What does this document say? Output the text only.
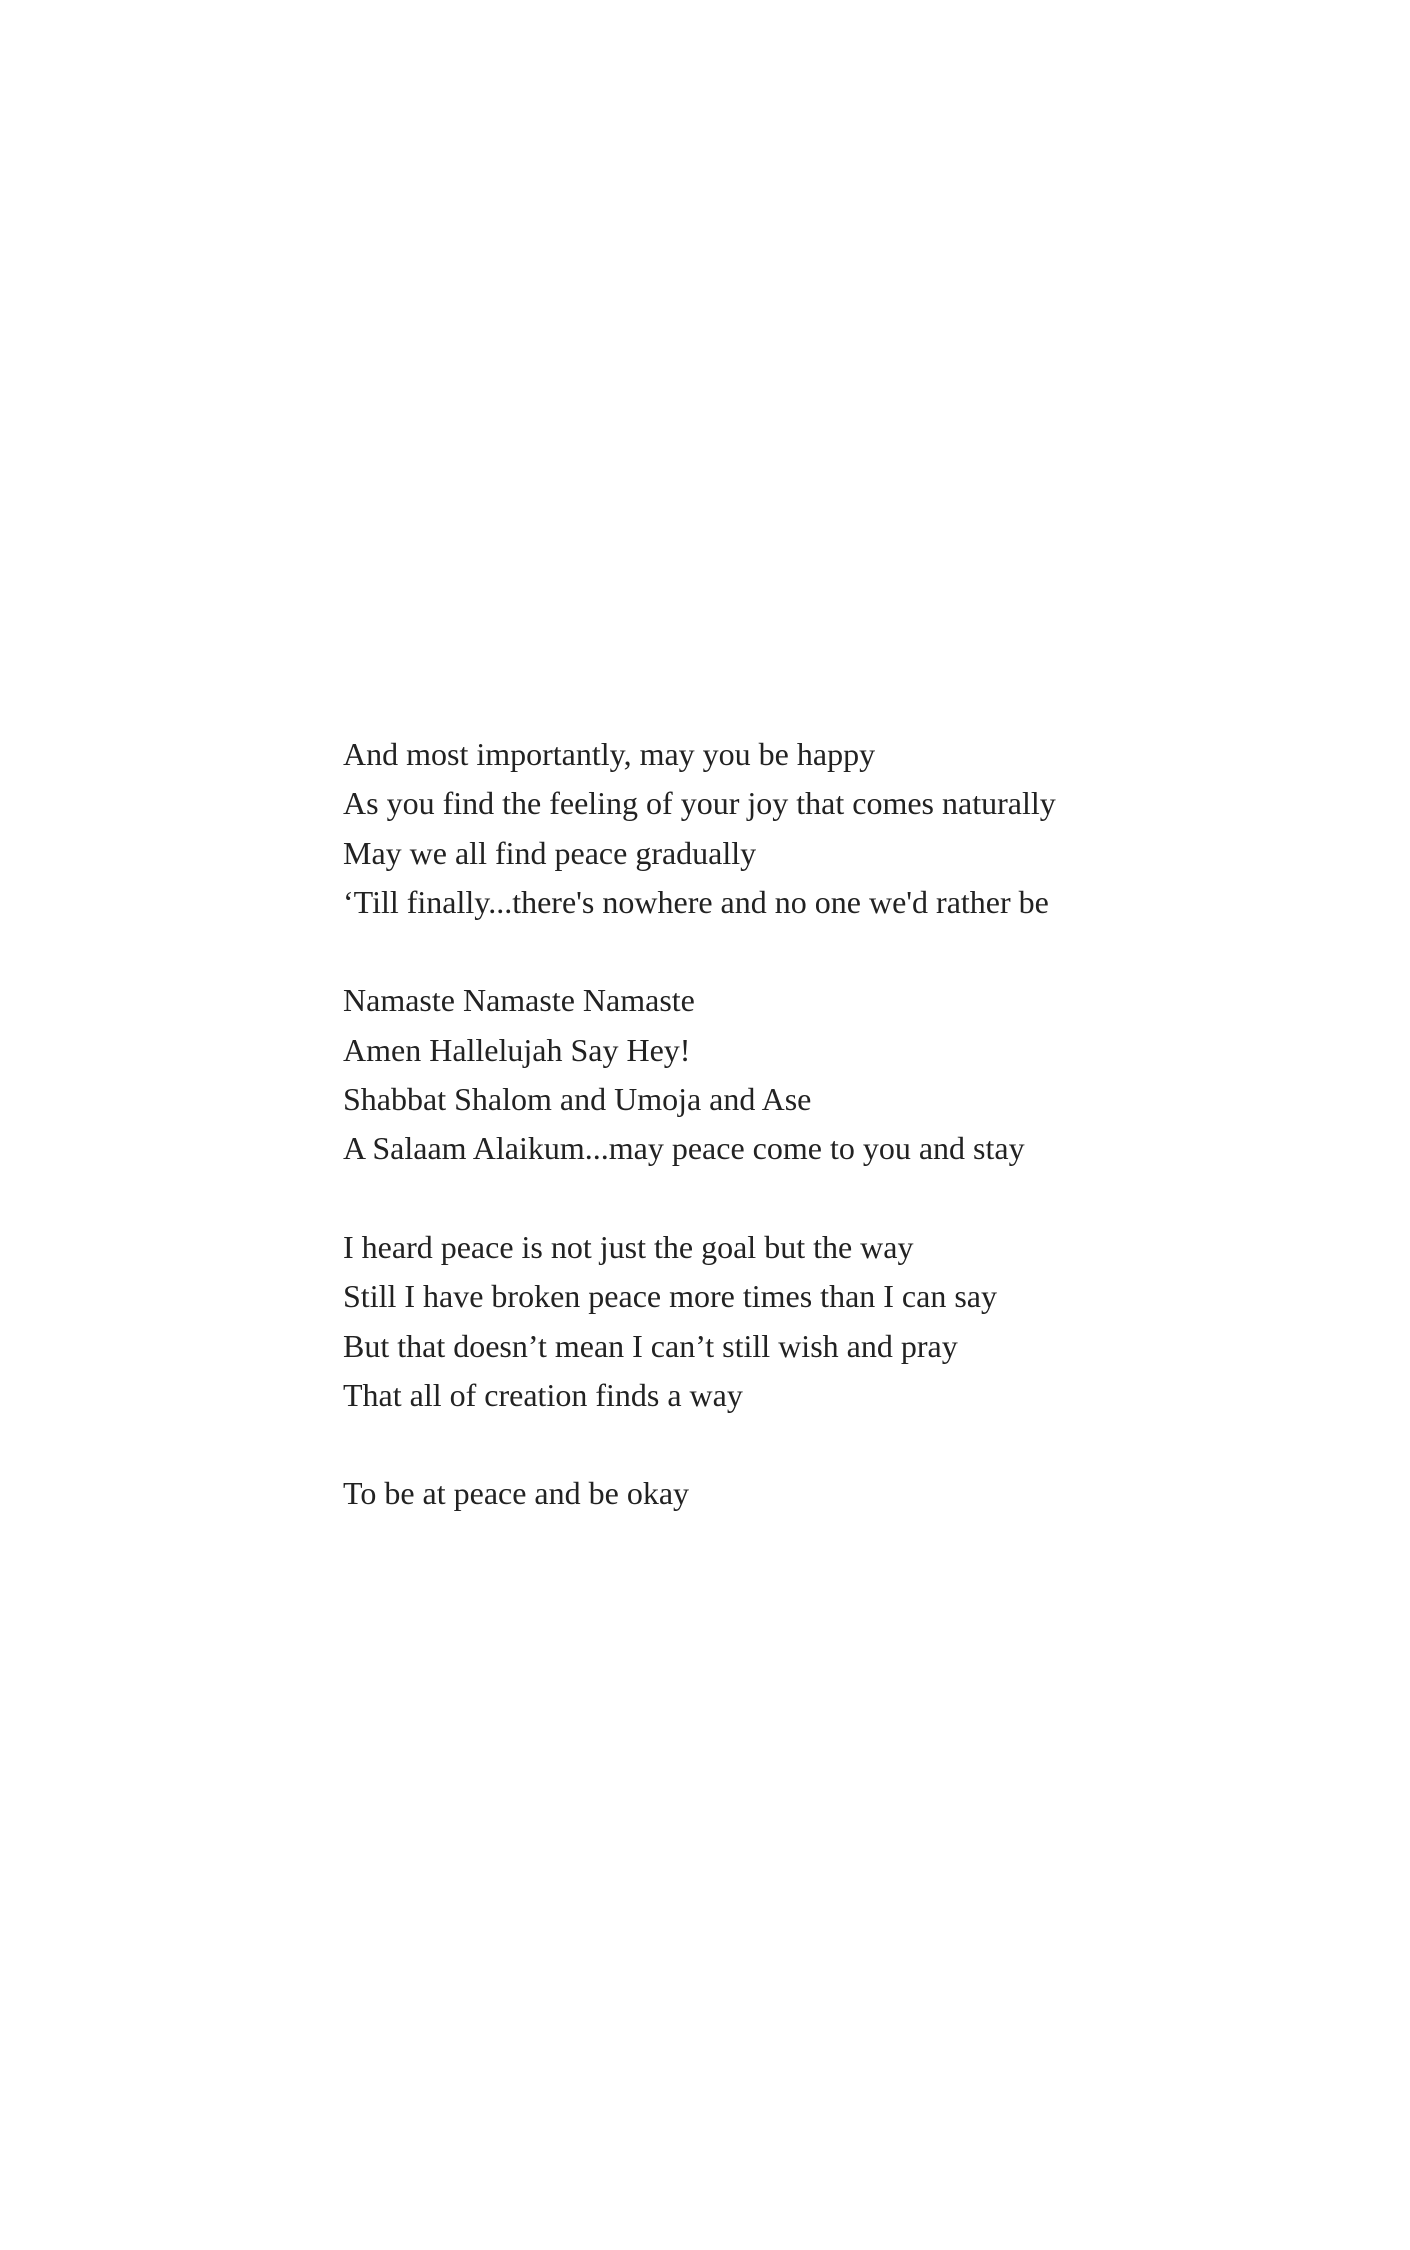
And most importantly, may you be happy
As you find the feeling of your joy that comes naturally
May we all find peace gradually
‘Till finally...there's nowhere and no one we'd rather be
Namaste Namaste Namaste
Amen Hallelujah Say Hey!
Shabbat Shalom and Umoja and Ase
A Salaam Alaikum...may peace come to you and stay
I heard peace is not just the goal but the way
Still I have broken peace more times than I can say
But that doesn’t mean I can’t still wish and pray
That all of creation finds a way
To be at peace and be okay
